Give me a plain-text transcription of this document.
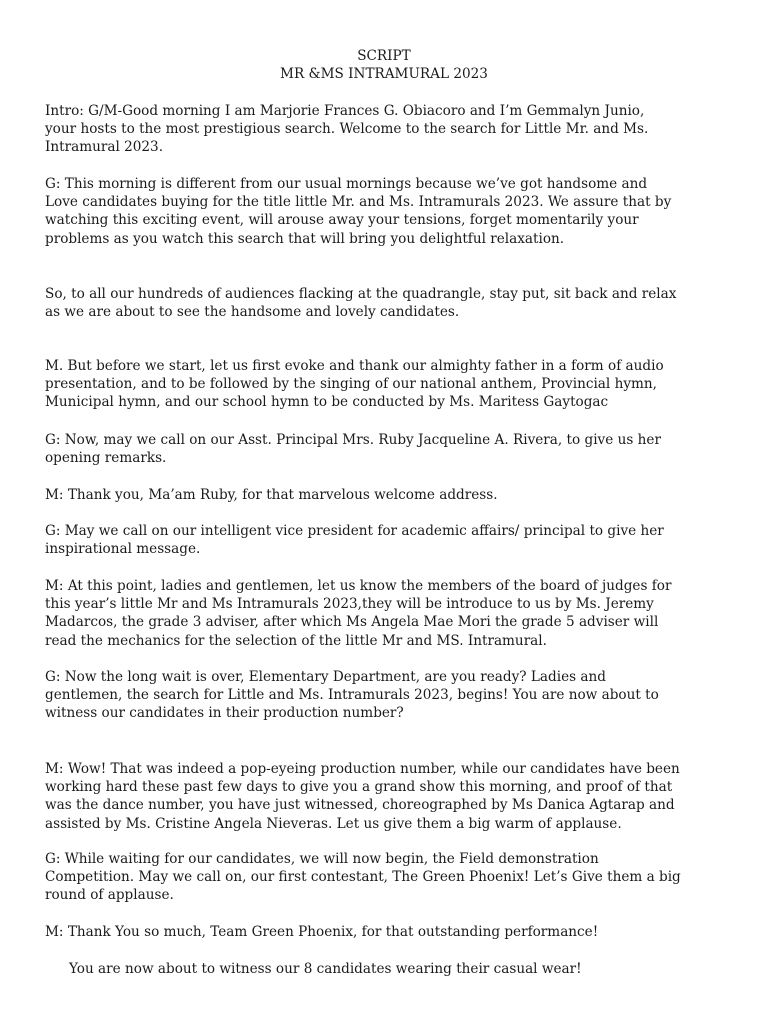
SCRIPT
MR &MS INTRAMURAL 2023

Intro: G/M-Good morning I am Marjorie Frances G. Obiacoro and I’m Gemmalyn Junio,
your hosts to the most prestigious search. Welcome to the search for Little Mr. and Ms.
Intramural 2023.

G: This morning is different from our usual mornings because we’ve got handsome and
Love candidates buying for the title little Mr. and Ms. Intramurals 2023. We assure that by
watching this exciting event, will arouse away your tensions, forget momentarily your
problems as you watch this search that will bring you delightful relaxation.

So, to all our hundreds of audiences flacking at the quadrangle, stay put, sit back and relax
as we are about to see the handsome and lovely candidates.

M. But before we start, let us first evoke and thank our almighty father in a form of audio
presentation, and to be followed by the singing of our national anthem, Provincial hymn,
Municipal hymn, and our school hymn to be conducted by Ms. Maritess Gaytogac

G: Now, may we call on our Asst. Principal Mrs. Ruby Jacqueline A. Rivera, to give us her
opening remarks.

M: Thank you, Ma’am Ruby, for that marvelous welcome address.

G: May we call on our intelligent vice president for academic affairs/ principal to give her
inspirational message.

M: At this point, ladies and gentlemen, let us know the members of the board of judges for
this year’s little Mr and Ms Intramurals 2023,they will be introduce to us by Ms. Jeremy
Madarcos, the grade 3 adviser, after which Ms Angela Mae Mori the grade 5 adviser will
read the mechanics for the selection of the little Mr and MS. Intramural.

G: Now the long wait is over, Elementary Department, are you ready? Ladies and
gentlemen, the search for Little and Ms. Intramurals 2023, begins! You are now about to
witness our candidates in their production number?

M: Wow! That was indeed a pop-eyeing production number, while our candidates have been
working hard these past few days to give you a grand show this morning, and proof of that
was the dance number, you have just witnessed, choreographed by Ms Danica Agtarap and
assisted by Ms. Cristine Angela Nieveras. Let us give them a big warm of applause.

G: While waiting for our candidates, we will now begin, the Field demonstration
Competition. May we call on, our first contestant, The Green Phoenix! Let’s Give them a big
round of applause.

M: Thank You so much, Team Green Phoenix, for that outstanding performance!

You are now about to witness our 8 candidates wearing their casual wear!
